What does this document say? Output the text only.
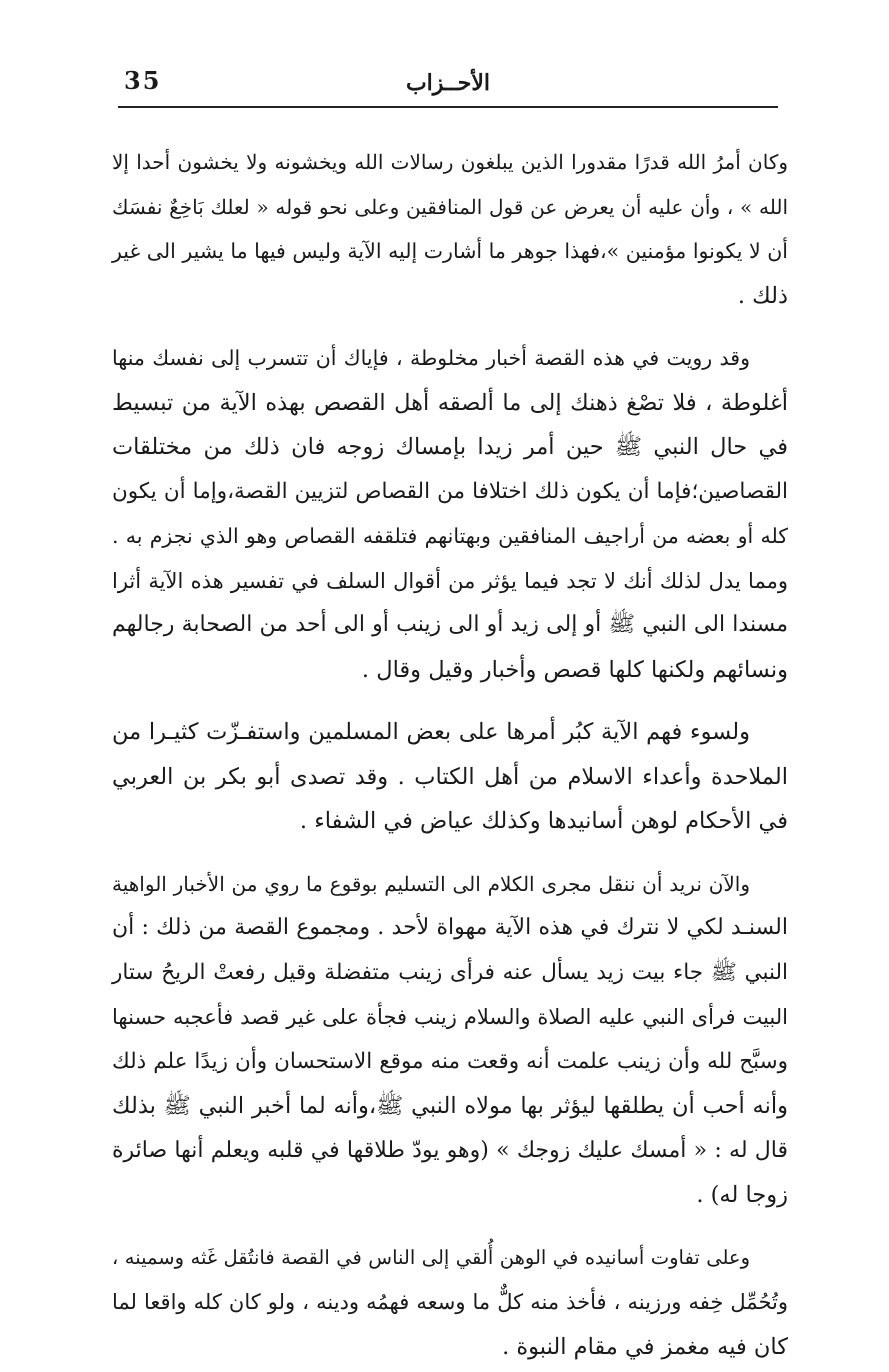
35	الأحــزاب
وكان أمرُ الله قدرًا مقدورا الذين يبلغون رسالات الله ويخشونه ولا يخشون أحدا إلا
الله » ، وأن عليه أن يعرض عن قول المنافقين وعلى نحو قوله « لعلك بَاخِعٌ نفسَك
أن لا يكونوا مؤمنين »،فهذا جوهر ما أشارت إليه الآية وليس فيها ما يشير الى غير
ذلك .
وقد رويت في هذه القصة أخبار مخلوطة ، فإياك أن تتسرب إلى نفسك منها
أغلوطة ، فلا تصْغ ذهنك إلى ما ألصقه أهل القصص بهذه الآية من تبسيط
في حال النبي ﷺ حين أمر زيدا بإمساك زوجه فان ذلك من مختلقات
القصاصين؛فإما أن يكون ذلك اختلافا من القصاص لتزيين القصة،وإما أن يكون
كله أو بعضه من أراجيف المنافقين وبهتانهم فتلقفه القصاص وهو الذي نجزم به .
ومما يدل لذلك أنك لا تجد فيما يؤثر من أقوال السلف في تفسير هذه الآية أثرا
مسندا الى النبي ﷺ أو إلى زيد أو الى زينب أو الى أحد من الصحابة رجالهم
ونسائهم ولكنها كلها قصص وأخبار وقيل وقال .
ولسوء فهم الآية كبُر أمرها على بعض المسلمين واستفـزّت كثيـرا من
الملاحدة وأعداء الاسلام من أهل الكتاب . وقد تصدى أبو بكر بن العربي
في الأحكام لوهن أسانيدها وكذلك عياض في الشفاء .
والآن نريد أن ننقل مجرى الكلام الى التسليم بوقوع ما روي من الأخبار الواهية
السنـد لكي لا نترك في هذه الآية مهواة لأحد . ومجموع القصة من ذلك : أن
النبي ﷺ جاء بيت زيد يسأل عنه فرأى زينب متفضلة وقيل رفعتْ الريحُ ستار
البيت فرأى النبي عليه الصلاة والسلام زينب فجأة على غير قصد فأعجبه حسنها
وسبَّح لله وأن زينب علمت أنه وقعت منه موقع الاستحسان وأن زيدًا علم ذلك
وأنه أحب أن يطلقها ليؤثر بها مولاه النبي ﷺ،وأنه لما أخبر النبي ﷺ بذلك
قال له : « أمسك عليك زوجك » (وهو يودّ طلاقها في قلبه ويعلم أنها صائرة
زوجا له) .
وعلى تفاوت أسانيده في الوهن أُلقي إلى الناس في القصة فانتُقل غَثه وسمينه ،
وتُحُمِّل خِفه ورزينه ، فأخذ منه كلٌّ ما وسعه فهمُه ودينه ، ولو كان كله واقعا لما
كان فيه مغمز في مقام النبوة .
